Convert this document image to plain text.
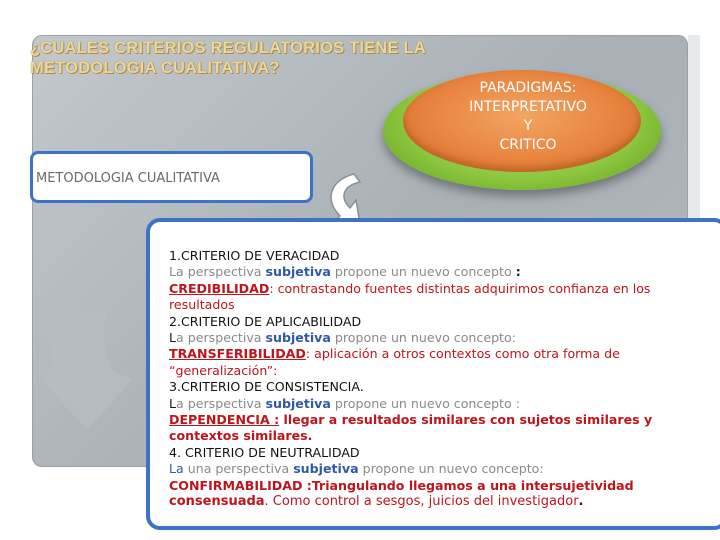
¿CUALES CRITERIOS REGULATORIOS TIENE LA
METODOLOGIA CUALITATIVA?
PARADIGMAS:
INTERPRETATIVO
Y
CRITICO
METODOLOGIA CUALITATIVA
1.CRITERIO DE VERACIDAD
La perspectiva subjetiva propone un nuevo concepto :
CREDIBILIDAD: contrastando fuentes distintas adquirimos confianza en los
resultados
2.CRITERIO DE APLICABILIDAD
La perspectiva subjetiva propone un nuevo concepto:
TRANSFERIBILIDAD: aplicación a otros contextos como otra forma de
“generalización”:
3.CRITERIO DE CONSISTENCIA.
La perspectiva subjetiva propone un nuevo concepto :
DEPENDENCIA : llegar a resultados similares con sujetos similares y
contextos similares.
4. CRITERIO DE NEUTRALIDAD
La una perspectiva subjetiva propone un nuevo concepto:
CONFIRMABILIDAD :Triangulando llegamos a una intersujetividad
consensuada. Como control a sesgos, juicios del investigador.
